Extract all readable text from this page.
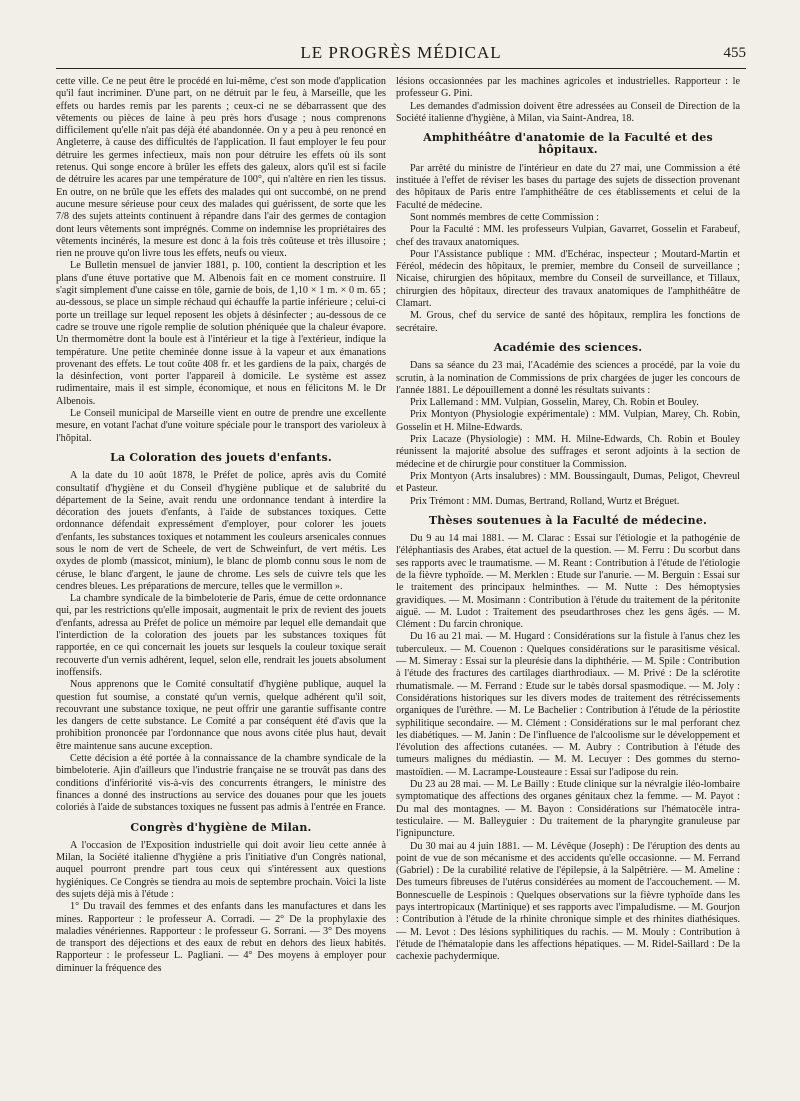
LE PROGRÈS MÉDICAL	455

cette ville. Ce ne peut être le procédé en lui-même, c'est son mode d'application qu'il faut incriminer. D'une part, on ne détruit par le feu, à Marseille, que les effets ou hardes remis par les parents ; ceux-ci ne se débarrassent que des vêtements ou pièces de laine à peu près hors d'usage ; nous comprenons difficilement qu'elle n'ait pas déjà été abandonnée. On y a peu à peu renoncé en Angleterre, à cause des difficultés de l'application. Il faut employer le feu pour détruire les germes infectieux, mais non pour détruire les effets où ils sont retenus. Qui songe encore à brûler les effets des galeux, alors qu'il est si facile de détruire les acares par une température de 100°, qui n'altère en rien les tissus. En outre, on ne brûle que les effets des malades qui ont succombé, on ne prend aucune mesure sérieuse pour ceux des malades qui guérissent, de sorte que les 7/8 des sujets atteints continuent à répandre dans l'air des germes de contagion dont leurs vêtements sont imprégnés. Comme on indemnise les propriétaires des vêtements incinérés, la mesure est donc à la fois très coûteuse et très illusoire ; rien ne prouve qu'on livre tous les effets, neufs ou vieux.

Le Bulletin mensuel de janvier 1881, p. 100, contient la description et les plans d'une étuve portative que M. Albenois fait en ce moment construire. Il s'agit simplement d'une caisse en tôle, garnie de bois, de 1,10 × 1 m. × 0 m. 65 ; au-dessous, se place un simple réchaud qui échauffe la partie inférieure ; celui-ci porte un treillage sur lequel reposent les objets à désinfecter ; au-dessous de ce cadre se trouve une rigole remplie de solution phéniquée que la chaleur évapore. Un thermomètre dont la boule est à l'intérieur et la tige à l'extérieur, indique la température. Une petite cheminée donne issue à la vapeur et aux émanations provenant des effets. Le tout coûte 408 fr. et les gardiens de la paix, chargés de la désinfection, vont porter l'appareil à domicile. Le système est assez rudimentaire, mais il est simple, économique, et nous en félicitons M. le Dr Albenois.

Le Conseil municipal de Marseille vient en outre de prendre une excellente mesure, en votant l'achat d'une voiture spéciale pour le transport des varioleux à l'hôpital.

La Coloration des jouets d'enfants.

A la date du 10 août 1878, le Préfet de police, après avis du Comité consultatif d'hygiène et du Conseil d'hygiène publique et de salubrité du département de la Seine, avait rendu une ordonnance tendant à interdire la décoration des jouets d'enfants, à l'aide de substances toxiques. Cette ordonnance défendait expressément d'employer, pour colorer les jouets d'enfants, les substances toxiques et notamment les couleurs arsenicales connues sous le nom de vert de Scheele, de vert de Schweinfurt, de vert métis. Les oxydes de plomb (massicot, minium), le blanc de plomb connu sous le nom de céruse, le blanc d'argent, le jaune de chrome. Les sels de cuivre tels que les cendres bleues. Les préparations de mercure, telles que le vermillon ».

La chambre syndicale de la bimbeloterie de Paris, émue de cette ordonnance qui, par les restrictions qu'elle imposait, augmentait le prix de revient des jouets d'enfants, adressa au Préfet de police un mémoire par lequel elle demandait que l'interdiction de la coloration des jouets par les substances toxiques fût rapportée, en ce qui concernait les jouets sur lesquels la couleur toxique serait recouverte d'un vernis adhérent, lequel, selon elle, rendrait les jouets absolument inoffensifs.

Nous apprenons que le Comité consultatif d'hygiène publique, auquel la question fut soumise, a constaté qu'un vernis, quelque adhérent qu'il soit, recouvrant une substance toxique, ne peut offrir une garantie suffisante contre les dangers de cette substance. Le Comité a par conséquent été d'avis que la prohibition prononcée par l'ordonnance que nous avons citée plus haut, devait être maintenue sans aucune exception.

Cette décision a été portée à la connaissance de la chambre syndicale de la bimbeloterie. Ajin d'ailleurs que l'industrie française ne se trouvât pas dans des conditions d'infériorité vis-à-vis des concurrents étrangers, le ministre des finances a donné des instructions au service des douanes pour que les jouets coloriés à l'aide de substances toxiques ne fussent pas admis à l'entrée en France.

Congrès d'hygiène de Milan.

A l'occasion de l'Exposition industrielle qui doit avoir lieu cette année à Milan, la Société italienne d'hygiène a pris l'initiative d'un Congrès national, auquel pourront prendre part tous ceux qui s'intéressent aux questions hygiéniques. Ce Congrès se tiendra au mois de septembre prochain. Voici la liste des sujets déjà mis à l'étude :

1° Du travail des femmes et des enfants dans les manufactures et dans les mines. Rapporteur : le professeur A. Corradi. — 2° De la prophylaxie des maladies vénériennes. Rapporteur : le professeur G. Sorrani. — 3° Des moyens de transport des déjections et des eaux de rebut en dehors des lieux habités. Rapporteur : le professeur L. Pagliani. — 4° Des moyens à employer pour diminuer la fréquence des

lésions occasionnées par les machines agricoles et industrielles. Rapporteur : le professeur G. Pini.

Les demandes d'admission doivent être adressées au Conseil de Direction de la Société italienne d'hygiène, à Milan, via Saint-Andrea, 18.

Amphithéâtre d'anatomie de la Faculté et des hôpitaux.

Par arrêté du ministre de l'intérieur en date du 27 mai, une Commission a été instituée à l'effet de réviser les bases du partage des sujets de dissection provenant des hôpitaux de Paris entre l'amphithéâtre de ces établissements et celui de la Faculté de médecine.

Sont nommés membres de cette Commission :

Pour la Faculté : MM. les professeurs Vulpian, Gavarret, Gosselin et Farabeuf, chef des travaux anatomiques.

Pour l'Assistance publique : MM. d'Echérac, inspecteur ; Moutard-Martin et Féréol, médecin des hôpitaux, le premier, membre du Conseil de surveillance ; Nicaise, chirurgien des hôpitaux, membre du Conseil de surveillance, et Tillaux, chirurgien des hôpitaux, directeur des travaux anatomiques de l'amphithéâtre de Clamart.

M. Grous, chef du service de santé des hôpitaux, remplira les fonctions de secrétaire.

Académie des sciences.

Dans sa séance du 23 mai, l'Académie des sciences a procédé, par la voie du scrutin, à la nomination de Commissions de prix chargées de juger les concours de l'année 1881. Le dépouillement a donné les résultats suivants :

Prix Lallemand : MM. Vulpian, Gosselin, Marey, Ch. Robin et Bouley.

Prix Montyon (Physiologie expérimentale) : MM. Vulpian, Marey, Ch. Robin, Gosselin et H. Milne-Edwards.

Prix Lacaze (Physiologie) : MM. H. Milne-Edwards, Ch. Robin et Bouley réunissent la majorité absolue des suffrages et seront adjoints à la section de médecine et de chirurgie pour constituer la Commission.

Prix Montyon (Arts insalubres) : MM. Boussingault, Dumas, Peligot, Chevreul et Pasteur.

Prix Trémont : MM. Dumas, Bertrand, Rolland, Wurtz et Bréguet.

Thèses soutenues à la Faculté de médecine.

Du 9 au 14 mai 1881. — M. Clarac : Essai sur l'étiologie et la pathogénie de l'éléphantiasis des Arabes, état actuel de la question. — M. Ferru : Du scorbut dans ses rapports avec le traumatisme. — M. Reant : Contribution à l'étude de l'étiologie de la fièvre typhoïde. — M. Merklen : Etude sur l'anurie. — M. Berguin : Essai sur le traitement des principaux helminthes. — M. Nutte : Des hémoptysies gravidiques. — M. Mosimann : Contribution à l'étude du traitement de la péritonite aiguë. — M. Ludot : Traitement des pseudarthroses chez les gens âgés. — M. Clément : Du farcin chronique.

Du 16 au 21 mai. — M. Hugard : Considérations sur la fistule à l'anus chez les tuberculeux. — M. Couenon : Quelques considérations sur le parasitisme vésical. — M. Simeray : Essai sur la pleurésie dans la diphthérie. — M. Spile : Contribution à l'étude des fractures des cartilages diarthrodiaux. — M. Privé : De la sclérotite rhumatismale. — M. Ferrand : Etude sur le tabès dorsal spasmodique. — M. Joly : Considérations historiques sur les divers modes de traitement des rétrécissements organiques de l'urèthre. — M. Le Bachelier : Contribution à l'étude de la périostite syphilitique secondaire. — M. Clément : Considérations sur le mal perforant chez les diabétiques. — M. Janin : De l'influence de l'alcoolisme sur le développement et l'évolution des affections cutanées. — M. Aubry : Contribution à l'étude des tumeurs malignes du médiastin. — M. M. Lecuyer : Des gommes du sterno-mastoïdien. — M. Lacrampe-Lousteaure : Essai sur l'adipose du rein.

Du 23 au 28 mai. — M. Le Bailly : Etude clinique sur la névralgie iléo-lombaire symptomatique des affections des organes génitaux chez la femme. — M. Payot : Du mal des montagnes. — M. Bayon : Considérations sur l'hématocèle intra-testiculaire. — M. Balleyguier : Du traitement de la pharyngite granuleuse par l'ignipuncture.

Du 30 mai au 4 juin 1881. — M. Lévêque (Joseph) : De l'éruption des dents au point de vue de son mécanisme et des accidents qu'elle occasionne. — M. Ferrand (Gabriel) : De la curabilité relative de l'épilepsie, à la Salpêtrière. — M. Ameline : Des tumeurs fibreuses de l'utérus considérées au moment de l'accouchement. — M. Bonnescuelle de Lespinois : Quelques observations sur la fièvre typhoïde dans les pays intertropicaux (Martinique) et ses rapports avec l'impaludisme. — M. Gourjon : Contribution à l'étude de la rhinite chronique simple et des rhinites diathésiques. — M. Levot : Des lésions syphilitiques du rachis. — M. Mouly : Contribution à l'étude de l'hématalopie dans les affections hépatiques. — M. Ridel-Saillard : De la cachexie pachydermique.
